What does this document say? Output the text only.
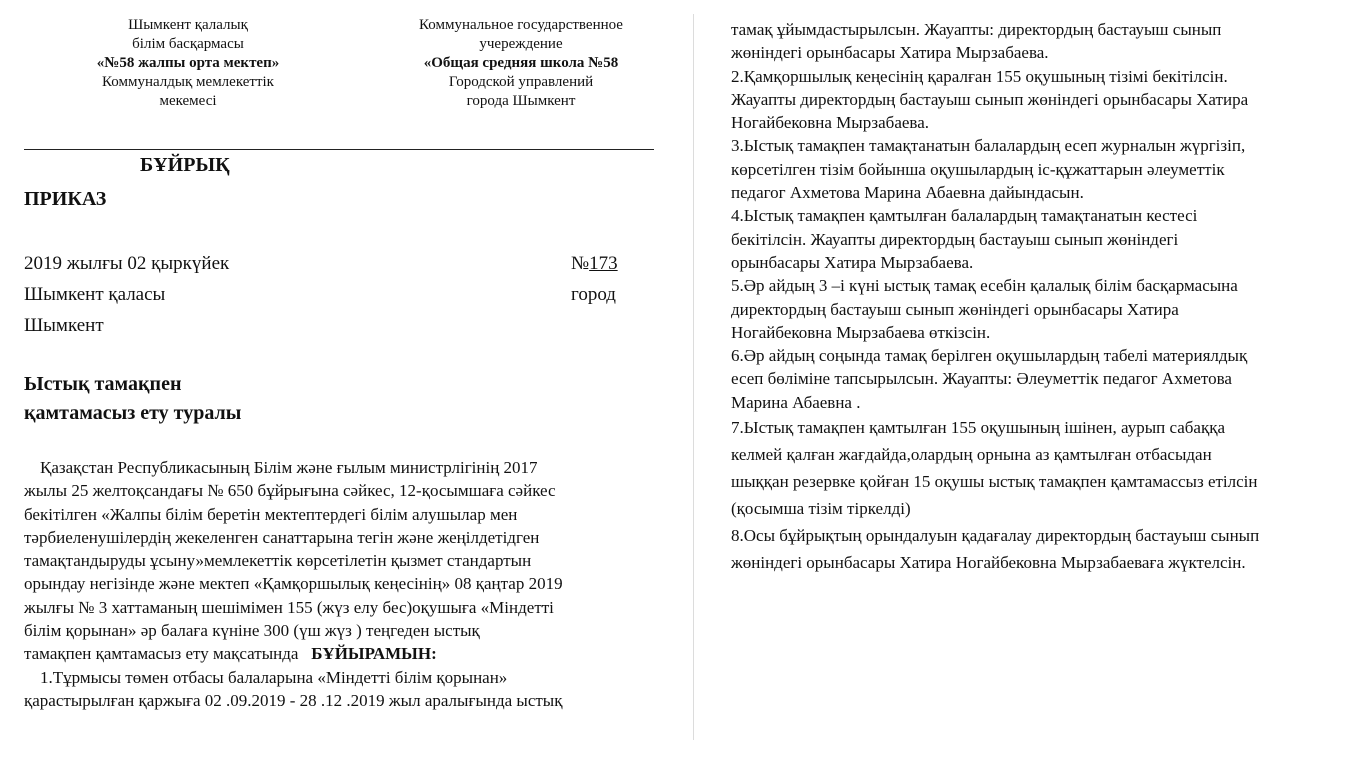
Шымкент қалалық
білім басқармасы
«№58 жалпы орта мектеп»
Коммуналдық мемлекеттік
мекемесі
Коммунальное государственное
учереждение
«Общая средняя школа №58
Городской управлений
города Шымкент
БҰЙРЫҚ
ПРИКАЗ
2019 жылғы 02 қыркүйек
Шымкент қаласы
Шымкент
№173
город
Ыстық тамақпен
қамтамасыз ету туралы
Қазақстан Республикасының Білім және ғылым министрлігінің 2017
жылы 25 желтоқсандағы № 650 бұйрығына сәйкес, 12-қосымшаға сәйкес
бекітілген «Жалпы білім беретін мектептердегі білім алушылар мен
тәрбиеленушілердің жекеленген санаттарына тегін және жеңілдетідген
тамақтандыруды ұсыну»мемлекеттік көрсетілетін қызмет стандартын
орындау негізінде және мектеп «Қамқоршылық кеңесінің» 08 қаңтар 2019
жылғы № 3 хаттаманың шешімімен 155 (жүз елу бес)оқушыға «Міндетті
білім қорынан» әр балаға күніне 300 (үш жүз ) теңгеден ыстық
тамақпен қамтамасыз ету мақсатында БҰЙЫРАМЫН:
1.Тұрмысы төмен отбасы балаларына «Міндетті білім қорынан»
қарастырылған қаржыға 02 .09.2019 - 28 .12 .2019 жыл аралығында ыстық

тамақ ұйымдастырылсын. Жауапты: директордың бастауыш сынып

жөніндегі орынбасары Хатира Мырзабаева.

2.Қамқоршылық кеңесінің қаралған 155 оқушының тізімі бекітілсін.

Жауапты директордың бастауыш сынып жөніндегі орынбасары Хатира

Ногайбековна Мырзабаева.

3.Ыстық тамақпен тамақтанатын балалардың есеп журналын жүргізіп,

көрсетілген тізім бойынша оқушылардың іс-құжаттарын әлеуметтік

педагог Ахметова Марина Абаевна дайындасын.

4.Ыстық тамақпен қамтылған балалардың тамақтанатын кестесі

бекітілсін. Жауапты директордың бастауыш сынып жөніндегі

орынбасары Хатира Мырзабаева.

5.Әр айдың 3 –і күні ыстық тамақ есебін қалалық білім басқармасына

директордың бастауыш сынып жөніндегі орынбасары Хатира

Ногайбековна Мырзабаева өткізсін.

6.Әр айдың соңында тамақ берілген оқушылардың табелі материялдық

есеп бөліміне тапсырылсын. Жауапты: Әлеуметтік педагог Ахметова

Марина Абаевна .

7.Ыстық тамақпен қамтылған 155 оқушының ішінен, аурып сабаққа

келмей қалған жағдайда,олардың орнына аз қамтылған отбасыдан

шыққан резервке қойған 15 оқушы ыстық тамақпен қамтамассыз етілсін

(қосымша тізім тіркелді)

8.Осы бұйрықтың орындалуын қадағалау директордың бастауыш сынып

жөніндегі орынбасары Хатира Ногайбековна Мырзабаеваға жүктелсін.
